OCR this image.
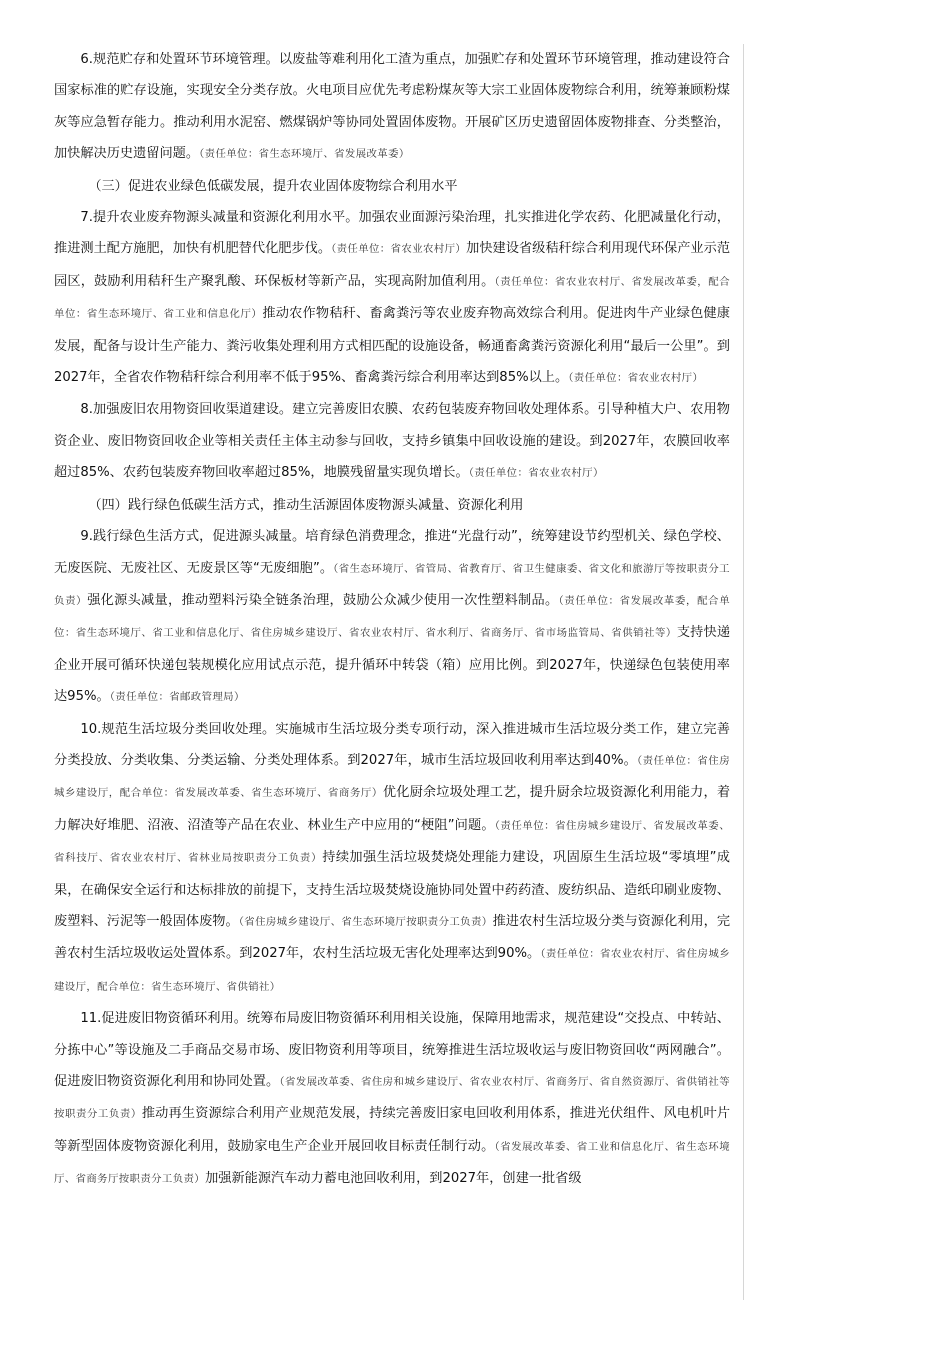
6.规范贮存和处置环节环境管理。以废盐等难利用化工渣为重点，加强贮存和处置环节环境管理，推动建设符合国家标准的贮存设施，实现安全分类存放。火电项目应优先考虑粉煤灰等大宗工业固体废物综合利用，统筹兼顾粉煤灰等应急暂存能力。推动利用水泥窑、燃煤锅炉等协同处置固体废物。开展矿区历史遗留固体废物排查、分类整治，加快解决历史遗留问题。（责任单位：省生态环境厅、省发展改革委）

（三）促进农业绿色低碳发展，提升农业固体废物综合利用水平

7.提升农业废弃物源头减量和资源化利用水平。加强农业面源污染治理，扎实推进化学农药、化肥减量化行动，推进测土配方施肥，加快有机肥替代化肥步伐。（责任单位：省农业农村厅）加快建设省级秸秆综合利用现代环保产业示范园区，鼓励利用秸秆生产聚乳酸、环保板材等新产品，实现高附加值利用。（责任单位：省农业农村厅、省发展改革委，配合单位：省生态环境厅、省工业和信息化厅）推动农作物秸秆、畜禽粪污等农业废弃物高效综合利用。促进肉牛产业绿色健康发展，配备与设计生产能力、粪污收集处理利用方式相匹配的设施设备，畅通畜禽粪污资源化利用“最后一公里”。到2027年，全省农作物秸秆综合利用率不低于95%、畜禽粪污综合利用率达到85%以上。（责任单位：省农业农村厅）

8.加强废旧农用物资回收渠道建设。建立完善废旧农膜、农药包装废弃物回收处理体系。引导种植大户、农用物资企业、废旧物资回收企业等相关责任主体主动参与回收，支持乡镇集中回收设施的建设。到2027年，农膜回收率超过85%、农药包装废弃物回收率超过85%，地膜残留量实现负增长。（责任单位：省农业农村厅）

（四）践行绿色低碳生活方式，推动生活源固体废物源头减量、资源化利用

9.践行绿色生活方式，促进源头减量。培育绿色消费理念，推进“光盘行动”，统筹建设节约型机关、绿色学校、无废医院、无废社区、无废景区等“无废细胞”。（省生态环境厅、省管局、省教育厅、省卫生健康委、省文化和旅游厅等按职责分工负责）强化源头减量，推动塑料污染全链条治理，鼓励公众减少使用一次性塑料制品。（责任单位：省发展改革委，配合单位：省生态环境厅、省工业和信息化厅、省住房城乡建设厅、省农业农村厅、省水利厅、省商务厅、省市场监管局、省供销社等）支持快递企业开展可循环快递包装规模化应用试点示范，提升循环中转袋（箱）应用比例。到2027年，快递绿色包装使用率达95%。（责任单位：省邮政管理局）

10.规范生活垃圾分类回收处理。实施城市生活垃圾分类专项行动，深入推进城市生活垃圾分类工作，建立完善分类投放、分类收集、分类运输、分类处理体系。到2027年，城市生活垃圾回收利用率达到40%。（责任单位：省住房城乡建设厅，配合单位：省发展改革委、省生态环境厅、省商务厅）优化厨余垃圾处理工艺，提升厨余垃圾资源化利用能力，着力解决好堆肥、沼液、沼渣等产品在农业、林业生产中应用的“梗阻”问题。（责任单位：省住房城乡建设厅、省发展改革委、省科技厅、省农业农村厅、省林业局按职责分工负责）持续加强生活垃圾焚烧处理能力建设，巩固原生生活垃圾“零填埋”成果，在确保安全运行和达标排放的前提下，支持生活垃圾焚烧设施协同处置中药药渣、废纺织品、造纸印刷业废物、废塑料、污泥等一般固体废物。（省住房城乡建设厅、省生态环境厅按职责分工负责）推进农村生活垃圾分类与资源化利用，完善农村生活垃圾收运处置体系。到2027年，农村生活垃圾无害化处理率达到90%。（责任单位：省农业农村厅、省住房城乡建设厅，配合单位：省生态环境厅、省供销社）

11.促进废旧物资循环利用。统筹布局废旧物资循环利用相关设施，保障用地需求，规范建设“交投点、中转站、分拣中心”等设施及二手商品交易市场、废旧物资利用等项目，统筹推进生活垃圾收运与废旧物资回收“两网融合”。促进废旧物资资源化利用和协同处置。（省发展改革委、省住房和城乡建设厅、省农业农村厅、省商务厅、省自然资源厅、省供销社等按职责分工负责）推动再生资源综合利用产业规范发展，持续完善废旧家电回收利用体系，推进光伏组件、风电机叶片等新型固体废物资源化利用，鼓励家电生产企业开展回收目标责任制行动。（省发展改革委、省工业和信息化厅、省生态环境厅、省商务厅按职责分工负责）加强新能源汽车动力蓄电池回收利用，到2027年，创建一批省级
